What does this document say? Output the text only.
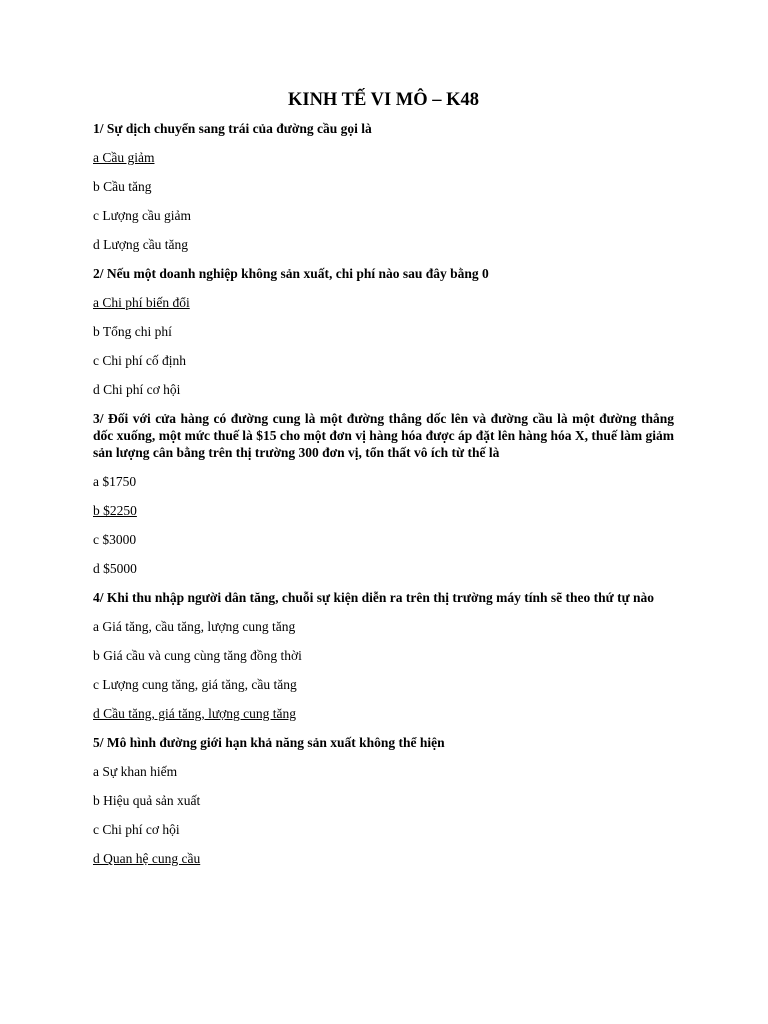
KINH TẾ VI MÔ – K48

1/ Sự dịch chuyển sang trái của đường cầu gọi là

a Cầu giảm
b Cầu tăng
c Lượng cầu giảm
d Lượng cầu tăng

2/ Nếu một doanh nghiệp không sản xuất, chi phí nào sau đây bằng 0

a Chi phí biến đổi
b Tổng chi phí
c Chi phí cố định
d Chi phí cơ hội

3/ Đối với cửa hàng có đường cung là một đường thẳng dốc lên và đường cầu là một đường thẳng dốc xuống, một mức thuế là $15 cho một đơn vị hàng hóa được áp đặt lên hàng hóa X, thuế làm giảm sản lượng cân bằng trên thị trường 300 đơn vị, tổn thất vô ích từ thế là

a $1750
b $2250
c $3000
d $5000

4/ Khi thu nhập người dân tăng, chuỗi sự kiện diễn ra trên thị trường máy tính sẽ theo thứ tự nào

a Giá tăng, cầu tăng, lượng cung tăng
b Giá cầu và cung cùng tăng đồng thời
c Lượng cung tăng, giá tăng, cầu tăng
d Cầu tăng, giá tăng, lượng cung tăng

5/ Mô hình đường giới hạn khả năng sản xuất không thể hiện

a Sự khan hiếm
b Hiệu quả sản xuất
c Chi phí cơ hội
d Quan hệ cung cầu
